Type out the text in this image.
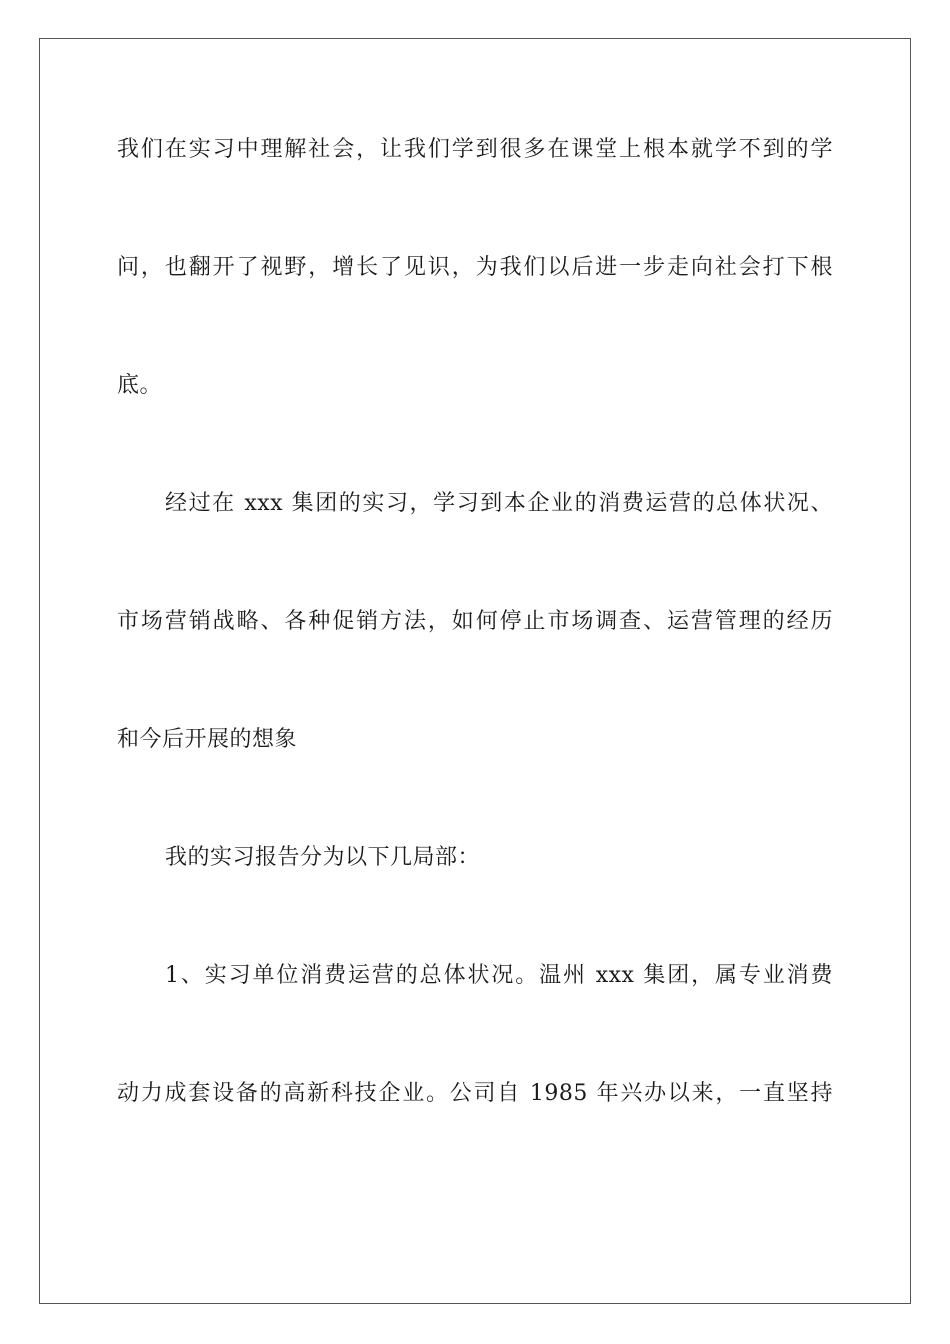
我们在实习中理解社会，让我们学到很多在课堂上根本就学不到的学
问，也翻开了视野，增长了见识，为我们以后进一步走向社会打下根
底。
经过在 xxx 集团的实习，学习到本企业的消费运营的总体状况、
市场营销战略、各种促销方法，如何停止市场调查、运营管理的经历
和今后开展的想象
我的实习报告分为以下几局部：
1、实习单位消费运营的总体状况。温州 xxx 集团，属专业消费
动力成套设备的高新科技企业。公司自 1985 年兴办以来，一直坚持
